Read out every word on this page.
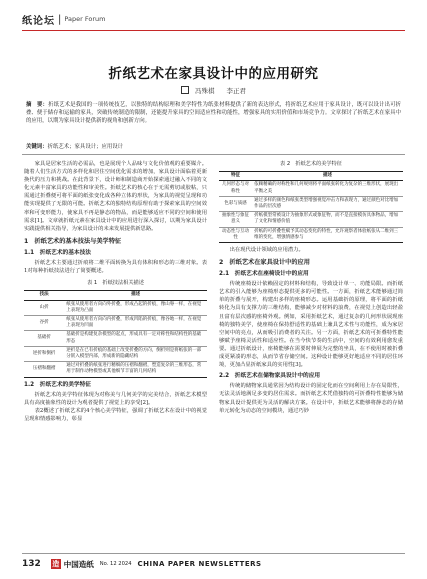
纸论坛 | Paper Forum
折纸艺术在家具设计中的应用研究
冯殊棋 李正君
摘　要：折纸艺术是我国的一项传统技艺，以独特的结构原理和美学特性为纸张材料提供了新的表达形式，将折纸艺术应用于家具设计，既可以设计出可折叠、便于储存和运输的家具，突破传统制造的限制，还能提升家具的空间适应性和功能性，增强家具的实用价值和市场竞争力。文章探讨了折纸艺术在家具中的应用，以期为家具设计提供新的视角和创新方向。
关键词：折纸艺术；家具设计；应用设计

家具是居家生活的必需品，也是展现个人品味与文化价值观的重要媒介。随着人们生活方式的多样化和居住空间优化需求的增加，家具设计面临着更新换代的压力和挑战。在此背景下，设计师和制造商开始探索通过融入不同的文化元素丰富家具的功能性和审美性。折纸艺术的核心在于无需剪切或胶粘，只需通过折叠便可将平面的纸张变化成各种立体的形状，为家具的视觉呈现和功能实现提供了无限的可能。折纸艺术的独特结构原理有助于探索家具的空间效率和可变形能力，使家具不再是静态的物品，而是能够适应不同的空间和使用需求[1]。文章就折纸元素在家具设计中的应用进行深入探讨，以期为家具设计实践提供相关指导，为家具设计的未来发展提供新思路。

1　折纸艺术的基本技法与美学特征
1.1　折纸艺术的基本技法

折纸艺术主要通过折痕将二维平面转换为具有体积和形态的三维对象。表1对每种折纸技法进行了简要概述。

表 1　折纸技法相关描述
技法	描述
山折	纸张从使用者方向向外折叠，形成凸起的折痕，像山脊一样，在视觉上表现为凸面
谷折	纸张从使用者方向向内折叠，形成凹陷的折痕，像谷地一样，在视觉上表现为凹面
基础折	基础折是构建复杂模型的起点，形成具有一定对称性和结构性的基础形态
逆折和倒折	逆折是在已有折痕的基础上改变折叠的方向，倒折则是将纸张的一部分嵌入模型内部，形成新的隐藏结构
压褶和翻褶	通过对折叠的纸张进行精细的压褶和翻褶，塑造复杂的三维形态，常用于制作动物模型或其他细节丰富的几何结构
1.2　折纸艺术的美学特征

折纸艺术的美学特征体现为对称美与几何美学的完美结合，折纸艺术模型具有高度抽象性的设计为观者提供了视觉上的享受[2]。

表2概述了折纸艺术的4个核心美学特征，强调了折纸艺术在设计中的视觉呈现和情感影响力，彰显

表 2　折纸艺术的美学特征
特征	描述
几何形态与对称性	依赖精确的对称性和几何规则将平面纸张转化为复杂的三维形状，展现出平衡之美
色彩与质感	通过多样的颜色和纸张类型增强视觉冲击力和表现力，通过颜色对比增加作品的层次感
抽象性与象征意义	折纸模型常被设计为抽象形式或象征物，而不是直接模仿具体物品，增加了文化和情感价值
动态性与互动性	折纸的可折叠性赋予其动态变化的特性，允许观察者体验纸张从二维到三维的变化，增强情感参与

出在现代设计领域的应用潜力。

2　折纸艺术在家具设计中的应用
2.1　折纸艺术在座椅设计中的应用

传统座椅设计依赖固定的材料和结构，导致设计单一、功能局限。而折纸艺术的引入能够为座椅形态提供更多的可能性。一方面，折纸艺术能够通过简单的折叠与展开，构建出多样的座椅形态。运用基础折的原理，将平面的折纸转化为具有支撑力的三维结构，能够减少对材料的浪费，在视觉上创造出轻盈且富有层次感的座椅外观。例如，采用折纸艺术，通过复杂的几何形状展现座椅的独特美学，使座椅在保持舒适性的基础上兼具艺术性与功能性，成为家居空间中的亮点，从而吸引消费者的关注。另一方面，折纸艺术的可折叠特性能够赋予座椅灵活性和适应性。在当今快节奏的生活中，空间的有效利用愈发重要。通过折纸设计，座椅能够在需要时伸展为完整的坐具，在不使用时被折叠成更紧凑的形态，从而节省存储空间。这种设计能够更好地适应不同的居住环境，更加凸显折纸家具的实用性[3]。

2.2　折纸艺术在储物家具设计中的应用

传统的储物家具通常因为结构设计的固定化而在空间利用上存在局限性，无法灵活地满足多变的居住需求。而折纸艺术凭借独特的可折叠特性能够为储物家具设计提供更为灵活的解决方案。在设计中，折纸艺术能够将静态的存储单元转化为动态的空间模块，通过巧妙

132 造 中国造纸 No. 12 2024 CHINA PAPER NEWSLETTERS
